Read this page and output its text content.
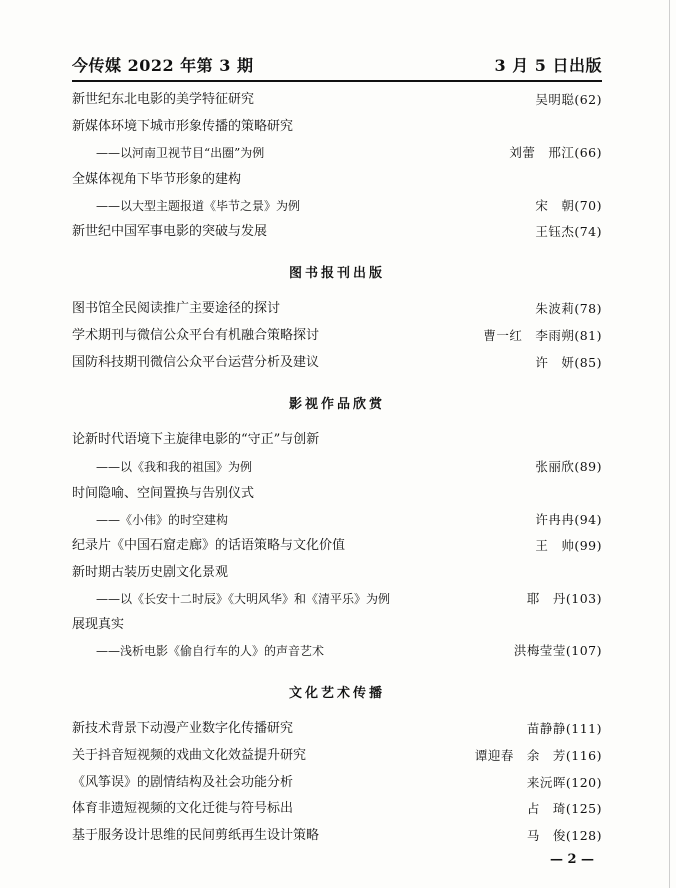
今传媒 2022 年第 3 期	3 月 5 日出版
新世纪东北电影的美学特征研究	吴明聪(62)
新媒体环境下城市形象传播的策略研究
——以河南卫视节目“出圈”为例	刘蕾　邢江(66)
全媒体视角下毕节形象的建构
——以大型主题报道《毕节之景》为例	宋　朝(70)
新世纪中国军事电影的突破与发展	王钰杰(74)
图书报刊出版
图书馆全民阅读推广主要途径的探讨	朱波莉(78)
学术期刊与微信公众平台有机融合策略探讨	曹一红　李雨朔(81)
国防科技期刊微信公众平台运营分析及建议	许　妍(85)
影视作品欣赏
论新时代语境下主旋律电影的“守正”与创新
——以《我和我的祖国》为例	张丽欣(89)
时间隐喻、空间置换与告别仪式
——《小伟》的时空建构	许冉冉(94)
纪录片《中国石窟走廊》的话语策略与文化价值	王　帅(99)
新时期古装历史剧文化景观
——以《长安十二时辰》《大明风华》和《清平乐》为例	耶　丹(103)
展现真实
——浅析电影《偷自行车的人》的声音艺术	洪梅莹莹(107)
文化艺术传播
新技术背景下动漫产业数字化传播研究	苗静静(111)
关于抖音短视频的戏曲文化效益提升研究	谭迎春　余　芳(116)
《风筝误》的剧情结构及社会功能分析	来沅晖(120)
体育非遗短视频的文化迁徙与符号标出	占　琦(125)
基于服务设计思维的民间剪纸再生设计策略	马　俊(128)
— 2 —
